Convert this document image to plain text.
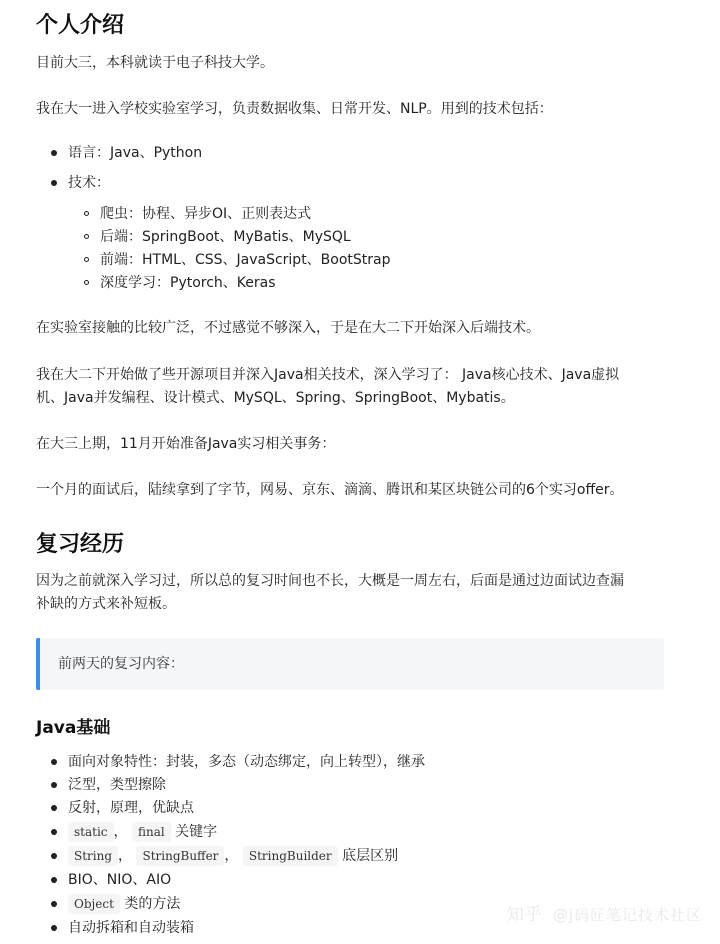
个人介绍
目前大三，本科就读于电子科技大学。
我在大一进入学校实验室学习，负责数据收集、日常开发、NLP。用到的技术包括：
语言：Java、Python
技术：
爬虫：协程、异步OI、正则表达式
后端：SpringBoot、MyBatis、MySQL
前端：HTML、CSS、JavaScript、BootStrap
深度学习：Pytorch、Keras
在实验室接触的比较广泛，不过感觉不够深入，于是在大二下开始深入后端技术。
我在大二下开始做了些开源项目并深入Java相关技术，深入学习了： Java核心技术、Java虚拟
机、Java并发编程、设计模式、MySQL、Spring、SpringBoot、Mybatis。
在大三上期，11月开始准备Java实习相关事务：
一个月的面试后，陆续拿到了字节，网易、京东、滴滴、腾讯和某区块链公司的6个实习offer。
复习经历
因为之前就深入学习过，所以总的复习时间也不长，大概是一周左右，后面是通过边面试边查漏
补缺的方式来补短板。
前两天的复习内容：
Java基础
面向对象特性：封装，多态（动态绑定，向上转型），继承
泛型，类型擦除
反射，原理，优缺点
static ， final 关键字
String ， StringBuffer ， StringBuilder 底层区别
BIO、NIO、AIO
Object 类的方法
自动拆箱和自动装箱
知乎 @j码匠笔记技术社区
